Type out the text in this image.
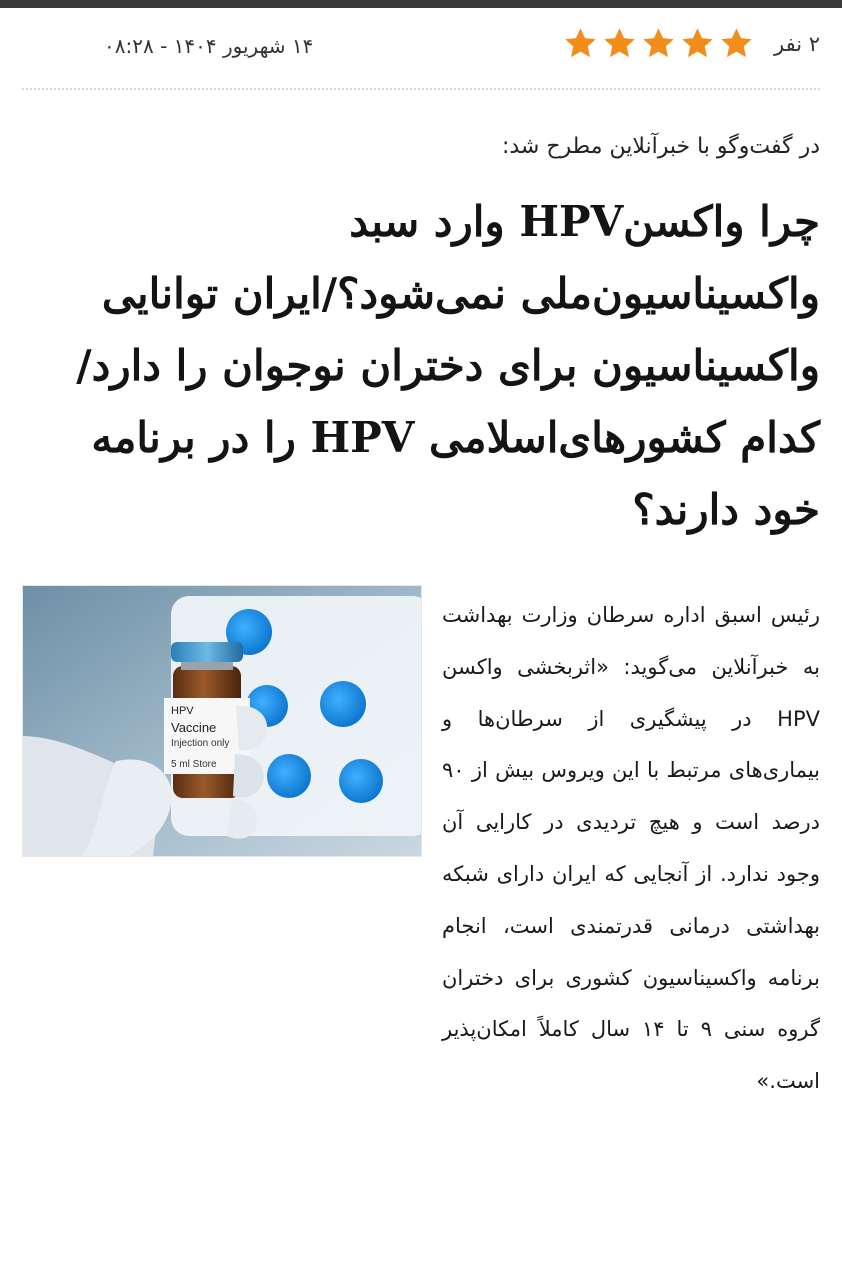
۱۴ شهریور ۱۴۰۴ - ۰۸:۲۸	۲ نفر
در گفت‌وگو با خبرآنلاین مطرح شد:
چرا واکسنHPV وارد سبد واکسیناسیون‌ملی نمی‌شود؟/ایران توانایی واکسیناسیون برای دختران نوجوان را دارد/ کدام کشورهای‌اسلامی HPV را در برنامه خود دارند؟
HPV
Vaccine
Injection only
5 ml Store

رئیس اسبق اداره سرطان وزارت بهداشت به خبرآنلاین می‌گوید: «اثربخشی واکسن HPV در پیشگیری از سرطان‌ها و بیماری‌های مرتبط با این ویروس بیش از ۹۰ درصد است و هیچ تردیدی در کارایی آن وجود ندارد. از آنجایی که ایران دارای شبکه بهداشتی درمانی قدرتمندی است، انجام برنامه واکسیناسیون کشوری برای دختران گروه سنی ۹ تا ۱۴ سال کاملاً امکان‌پذیر است.»
